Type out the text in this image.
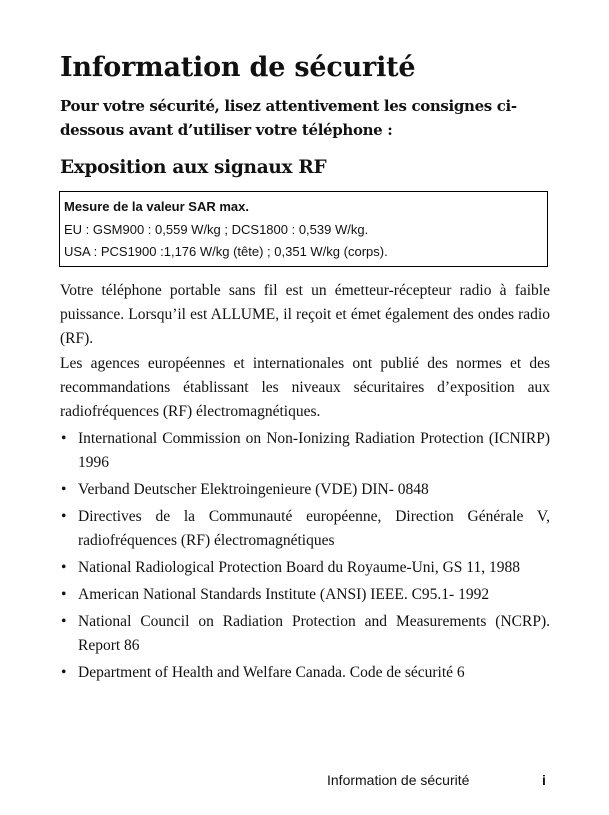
Information de sécurité

Pour votre sécurité, lisez attentivement les consignes ci-dessous avant d’utiliser votre téléphone :

Exposition aux signaux RF
Mesure de la valeur SAR max.
EU : GSM900 : 0,559 W/kg ; DCS1800 : 0,539 W/kg.
USA : PCS1900 :1,176 W/kg (tête) ; 0,351 W/kg (corps).

Votre téléphone portable sans fil est un émetteur-récepteur radio à faible puissance. Lorsqu’il est ALLUME, il reçoit et émet également des ondes radio (RF).

Les agences européennes et internationales ont publié des normes et des recommandations établissant les niveaux sécuritaires d’exposition aux radiofréquences (RF) électromagnétiques.

• International Commission on Non-Ionizing Radiation Protection (ICNIRP) 1996
• Verband Deutscher Elektroingenieure (VDE) DIN- 0848
• Directives de la Communauté européenne, Direction Générale V, radiofréquences (RF) électromagnétiques
• National Radiological Protection Board du Royaume-Uni, GS 11, 1988
• American National Standards Institute (ANSI) IEEE. C95.1- 1992
• National Council on Radiation Protection and Measurements (NCRP). Report 86
• Department of Health and Welfare Canada. Code de sécurité 6
Information de sécurité	i
